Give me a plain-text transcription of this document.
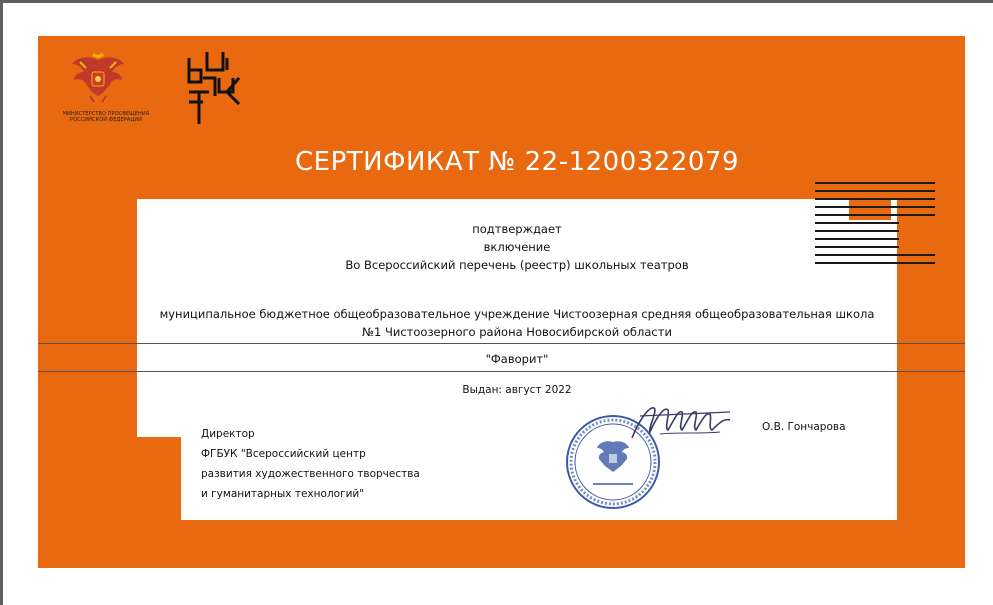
МИНИСТЕРСТВО ПРОСВЕЩЕНИЯ
РОССИЙСКОЙ ФЕДЕРАЦИИ
СЕРТИФИКАТ № 22-1200322079
подтверждает
включение
Во Всероссийский перечень (реестр) школьных театров
муниципальное бюджетное общеобразовательное учреждение Чистоозерная средняя общеобразовательная школа
№1 Чистоозерного района Новосибирской области
"Фаворит"
Выдан: август 2022
Директор
ФГБУК "Всероссийский центр
развития художественного творчества
и гуманитарных технологий"
О.В. Гончарова
